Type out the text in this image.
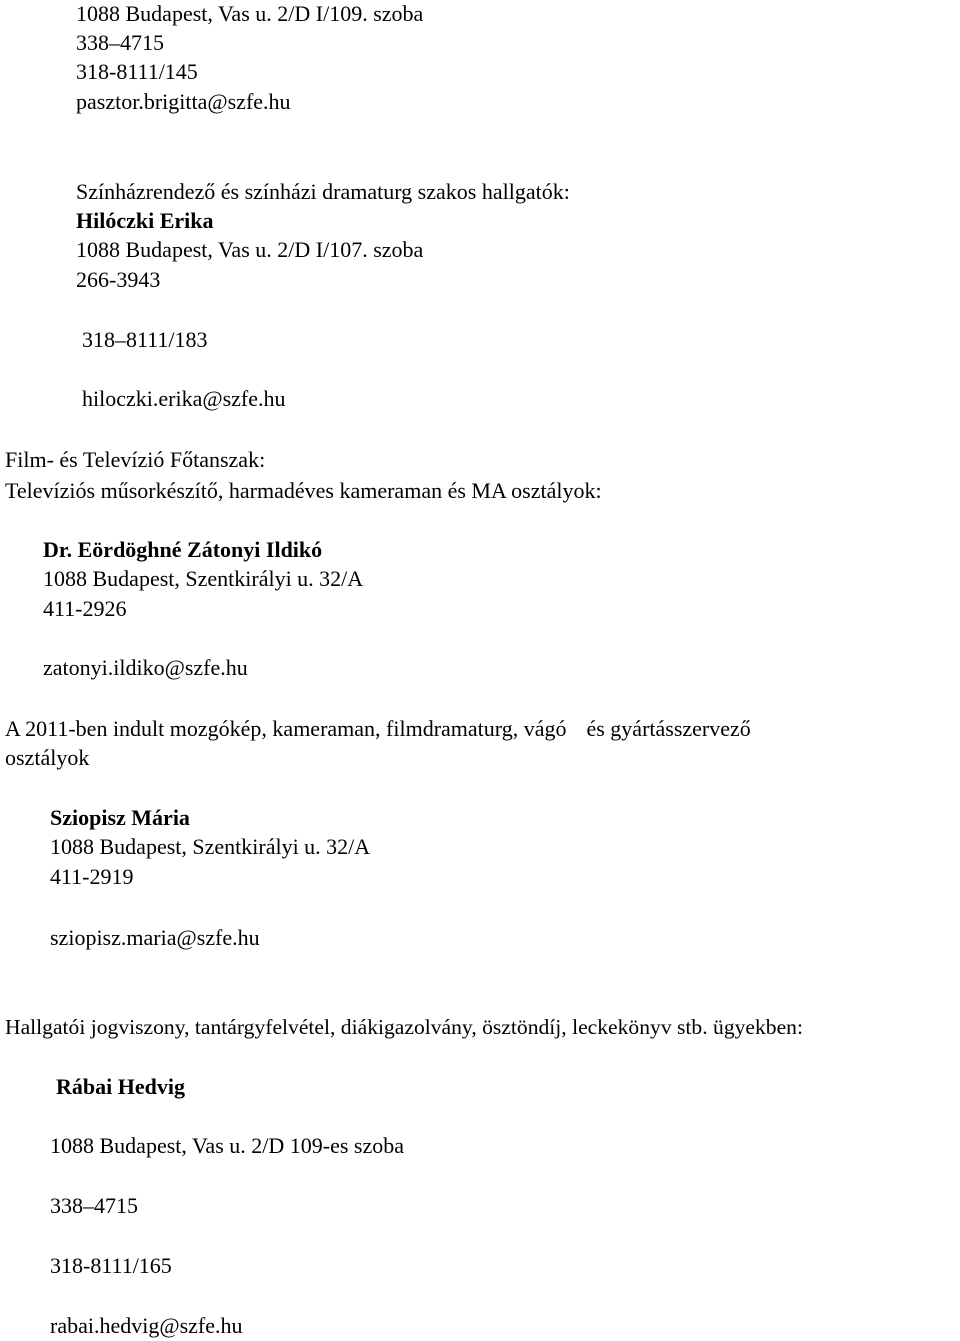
1088 Budapest, Vas u. 2/D I/109. szoba
338–4715
318-8111/145
pasztor.brigitta@szfe.hu
Színházrendező és színházi dramaturg szakos hallgatók:
Hilóczki Erika
1088 Budapest, Vas u. 2/D I/107. szoba
266-3943
318–8111/183
hiloczki.erika@szfe.hu
Film- és Televízió Főtanszak:
Televíziós műsorkészítő, harmadéves kameraman és MA osztályok:
Dr. Eördöghné Zátonyi Ildikó
1088 Budapest, Szentkirályi u. 32/A
411-2926
zatonyi.ildiko@szfe.hu
A 2011-ben indult mozgókép, kameraman, filmdramaturg, vágó és gyártásszervező
osztályok
Sziopisz Mária
1088 Budapest, Szentkirályi u. 32/A
411-2919
sziopisz.maria@szfe.hu
Hallgatói jogviszony, tantárgyfelvétel, diákigazolvány, ösztöndíj, leckekönyv stb. ügyekben:
Rábai Hedvig
1088 Budapest, Vas u. 2/D 109-es szoba
338–4715
318-8111/165
rabai.hedvig@szfe.hu
